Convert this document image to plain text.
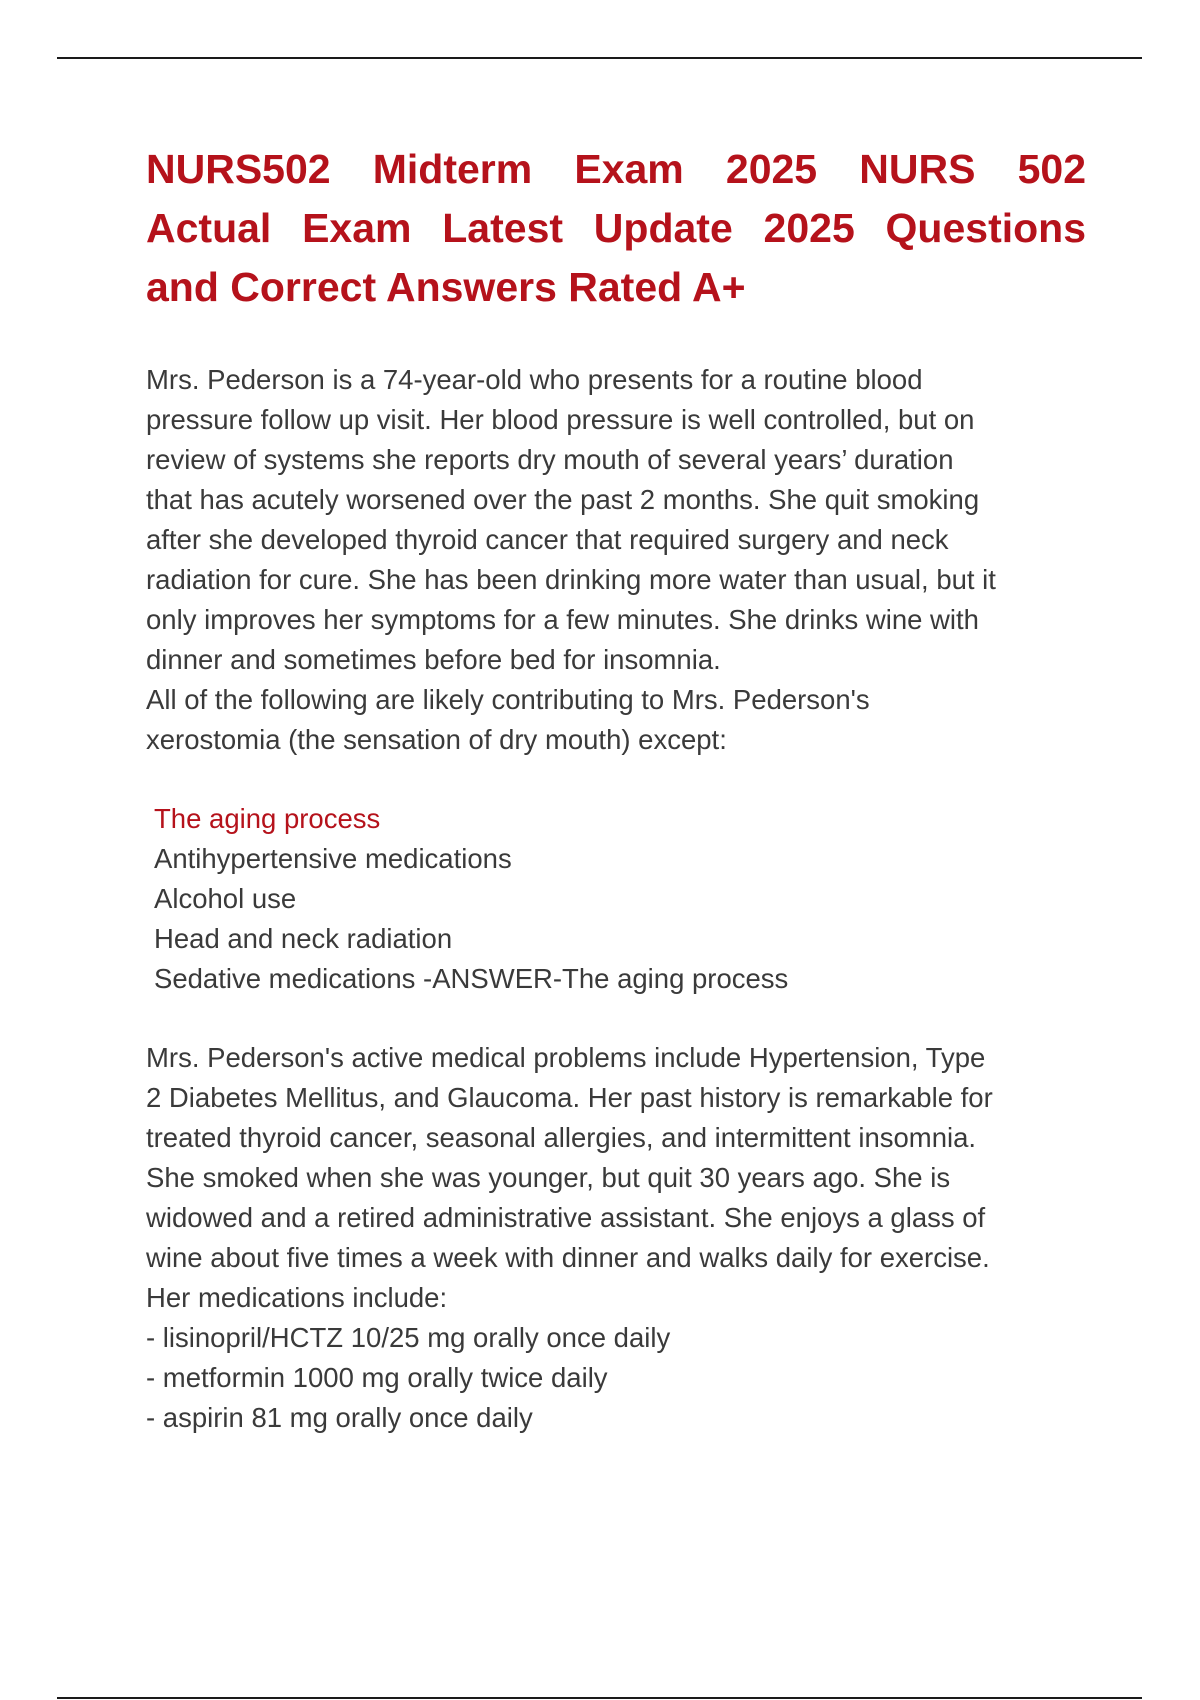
NURS502 Midterm Exam 2025 NURS 502
Actual Exam Latest Update 2025 Questions
and Correct Answers Rated A+
Mrs. Pederson is a 74-year-old who presents for a routine blood
pressure follow up visit. Her blood pressure is well controlled, but on
review of systems she reports dry mouth of several years’ duration
that has acutely worsened over the past 2 months. She quit smoking
after she developed thyroid cancer that required surgery and neck
radiation for cure. She has been drinking more water than usual, but it
only improves her symptoms for a few minutes. She drinks wine with
dinner and sometimes before bed for insomnia.
All of the following are likely contributing to Mrs. Pederson's
xerostomia (the sensation of dry mouth) except:
The aging process
Antihypertensive medications
Alcohol use
Head and neck radiation
Sedative medications -ANSWER-The aging process
Mrs. Pederson's active medical problems include Hypertension, Type
2 Diabetes Mellitus, and Glaucoma. Her past history is remarkable for
treated thyroid cancer, seasonal allergies, and intermittent insomnia.
She smoked when she was younger, but quit 30 years ago. She is
widowed and a retired administrative assistant. She enjoys a glass of
wine about five times a week with dinner and walks daily for exercise.
Her medications include:
- lisinopril/HCTZ 10/25 mg orally once daily
- metformin 1000 mg orally twice daily
- aspirin 81 mg orally once daily
